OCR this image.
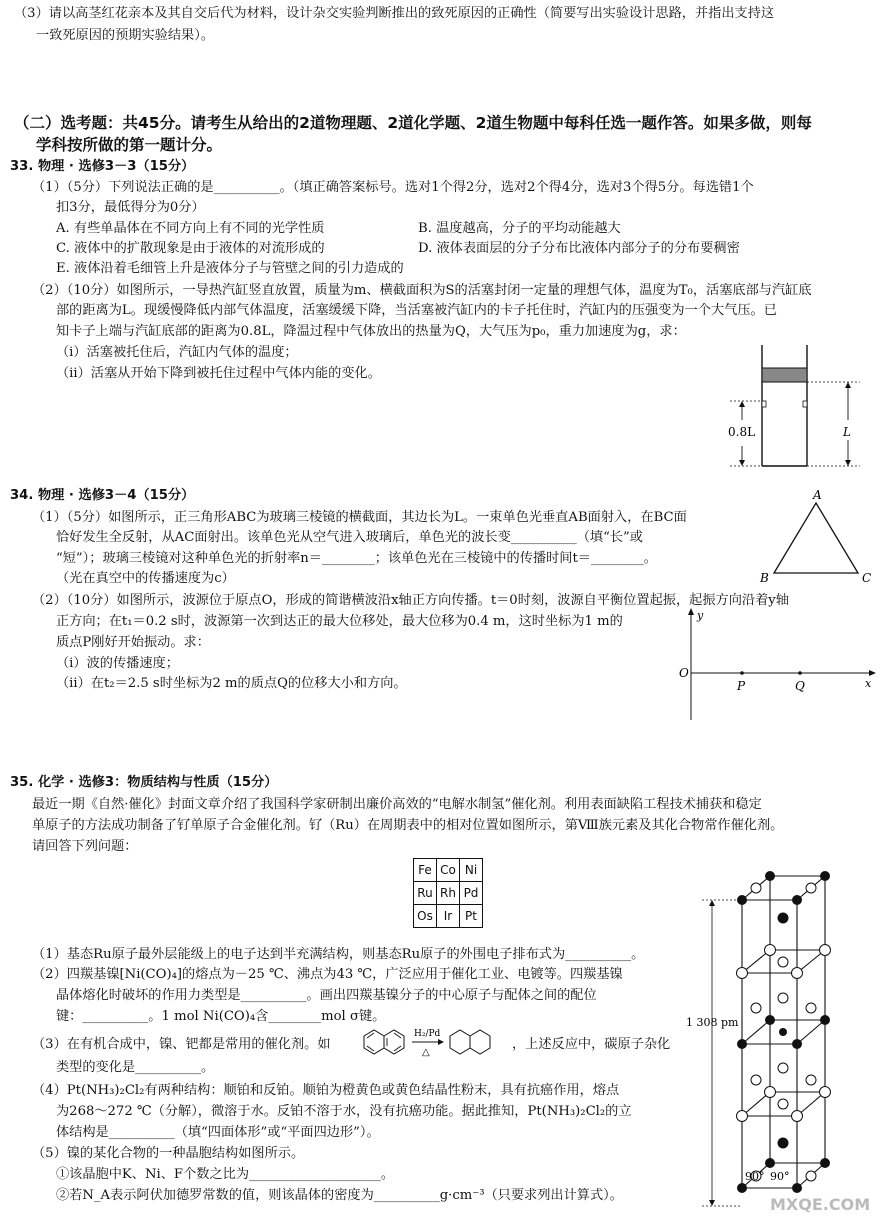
（3）请以高茎红花亲本及其自交后代为材料，设计杂交实验判断推出的致死原因的正确性（简要写出实验设计思路，并指出支持这
一致死原因的预期实验结果）。
（二）选考题：共45分。请考生从给出的2道物理题、2道化学题、2道生物题中每科任选一题作答。如果多做，则每
学科按所做的第一题计分。
33. 物理 · 选修3－3（15分）
（1）（5分）下列说法正确的是__________。（填正确答案标号。选对1个得2分，选对2个得4分，选对3个得5分。每选错1个
扣3分，最低得分为0分）
A. 有些单晶体在不同方向上有不同的光学性质	B. 温度越高，分子的平均动能越大
C. 液体中的扩散现象是由于液体的对流形成的	D. 液体表面层的分子分布比液体内部分子的分布要稠密
E. 液体沿着毛细管上升是液体分子与管壁之间的引力造成的
（2）（10分）如图所示，一导热汽缸竖直放置，质量为m、横截面积为S的活塞封闭一定量的理想气体，温度为T₀，活塞底部与汽缸底
部的距离为L。现缓慢降低内部气体温度，活塞缓缓下降，当活塞被汽缸内的卡子托住时，汽缸内的压强变为一个大气压。已
知卡子上端与汽缸底部的距离为0.8L，降温过程中气体放出的热量为Q，大气压为p₀，重力加速度为g，求：
（ⅰ）活塞被托住后，汽缸内气体的温度；
（ⅱ）活塞从开始下降到被托住过程中气体内能的变化。
0.8L	L
34. 物理 · 选修3－4（15分）
（1）（5分）如图所示，正三角形ABC为玻璃三棱镜的横截面，其边长为L。一束单色光垂直AB面射入，在BC面
恰好发生全反射，从AC面射出。该单色光从空气进入玻璃后，单色光的波长变__________（填“长”或
“短”）；玻璃三棱镜对这种单色光的折射率n＝________；该单色光在三棱镜中的传播时间t＝________。
（光在真空中的传播速度为c）
A
B	C
（2）（10分）如图所示，波源位于原点O，形成的简谐横波沿x轴正方向传播。t＝0时刻，波源自平衡位置起振，起振方向沿着y轴
正方向；在t₁＝0.2 s时，波源第一次到达正的最大位移处，最大位移为0.4 m，这时坐标为1 m的
质点P刚好开始振动。求：
（ⅰ）波的传播速度；
（ⅱ）在t₂＝2.5 s时坐标为2 m的质点Q的位移大小和方向。
O
y
x
P	Q
35. 化学 · 选修3：物质结构与性质（15分）
最近一期《自然·催化》封面文章介绍了我国科学家研制出廉价高效的“电解水制氢”催化剂。利用表面缺陷工程技术捕获和稳定
单原子的方法成功制备了钌单原子合金催化剂。钌（Ru）在周期表中的相对位置如图所示，第Ⅷ族元素及其化合物常作催化剂。
请回答下列问题：
Fe	Co	Ni
Ru	Rh	Pd
Os	Ir	Pt
（1）基态Ru原子最外层能级上的电子达到半充满结构，则基态Ru原子的外围电子排布式为__________。
（2）四羰基镍[Ni(CO)₄]的熔点为－25 ℃、沸点为43 ℃，广泛应用于催化工业、电镀等。四羰基镍
晶体熔化时破坏的作用力类型是__________。画出四羰基镍分子的中心原子与配体之间的配位
键：__________。1 mol Ni(CO)₄含________mol σ键。
（3）在有机合成中，镍、钯都是常用的催化剂。如
H₂/Pd
△
，上述反应中，碳原子杂化
类型的变化是__________。
（4）Pt(NH₃)₂Cl₂有两种结构：顺铂和反铂。顺铂为橙黄色或黄色结晶性粉末，具有抗癌作用，熔点
为268～272 ℃（分解），微溶于水。反铂不溶于水，没有抗癌功能。据此推知，Pt(NH₃)₂Cl₂的立
体结构是__________（填“四面体形”或“平面四边形”）。
（5）镍的某化合物的一种晶胞结构如图所示。
①该晶胞中K、Ni、F个数之比为____________________。
②若N_A表示阿伏加德罗常数的值，则该晶体的密度为__________g·cm⁻³（只要求列出计算式）。
1 308 pm
90° 90°
MXQE.COM
